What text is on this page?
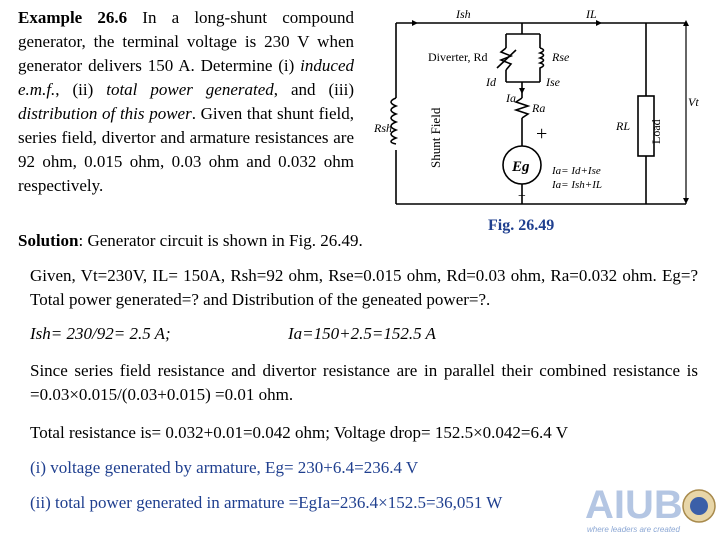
Example 26.6 In a long-shunt compound generator, the terminal voltage is 230 V when generator delivers 150 A. Determine (i) induced e.m.f., (ii) total power generated, and (iii) distribution of this power. Given that shunt field, series field, divertor and armature resistances are 92 ohm, 0.015 ohm, 0.03 ohm and 0.032 ohm respectively.

Solution: Generator circuit is shown in Fig. 26.49.

Ish	IL
Diverter, Rd	Rse
Id	Ise
Ia
Ra
Rsh	Shunt Field	Eg
+
−
RL Load
Vt
Ia= Id+Ise
Ia= Ish+IL
Fig. 26.49

Given, Vt=230V, IL= 150A, Rsh=92 ohm, Rse=0.015 ohm, Rd=0.03 ohm, Ra=0.032 ohm. Eg=? Total power generated=? and Distribution of the geneated power=?.

Ish= 230/92= 2.5 A;	Ia=150+2.5=152.5 A

Since series field resistance and divertor resistance are in parallel their combined resistance is =0.03×0.015/(0.03+0.015) =0.01 ohm.

Total resistance is= 0.032+0.01=0.042 ohm; Voltage drop= 152.5×0.042=6.4 V

(i) voltage generated by armature, Eg= 230+6.4=236.4 V

(ii) total power generated in armature =EgIa=236.4×152.5=36,051 W	AIUB
where leaders are created
